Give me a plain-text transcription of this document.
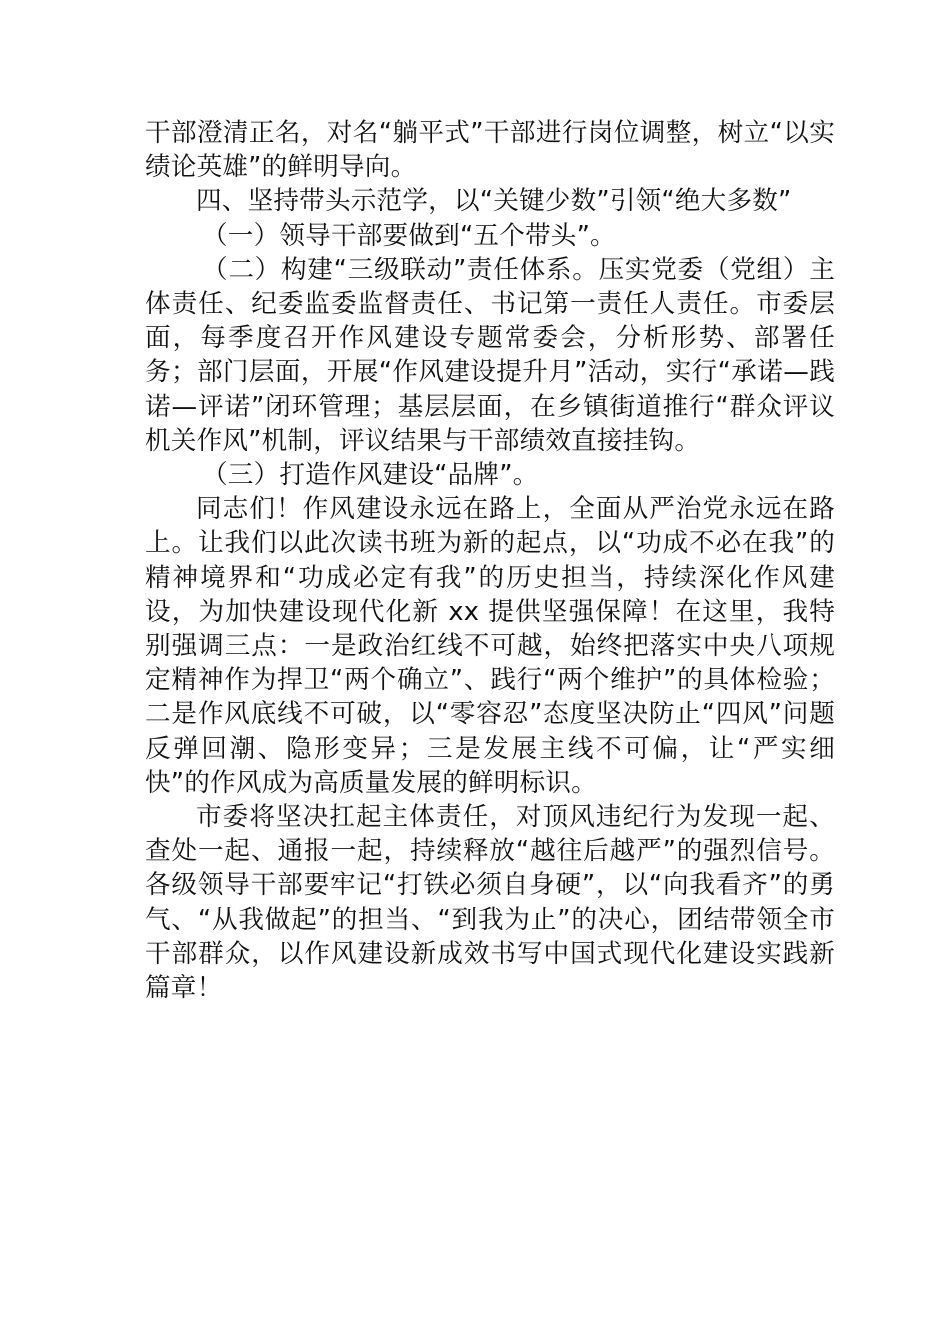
干部澄清正名，对名“躺平式”干部进行岗位调整，树立“以实绩论英雄”的鲜明导向。

四、坚持带头示范学，以“关键少数”引领“绝大多数”

（一）领导干部要做到“五个带头”。

（二）构建“三级联动”责任体系。压实党委（党组）主体责任、纪委监委监督责任、书记第一责任人责任。市委层面，每季度召开作风建设专题常委会，分析形势、部署任务；部门层面，开展“作风建设提升月”活动，实行“承诺—践诺—评诺”闭环管理；基层层面，在乡镇街道推行“群众评议机关作风”机制，评议结果与干部绩效直接挂钩。

（三）打造作风建设“品牌”。

同志们！作风建设永远在路上，全面从严治党永远在路上。让我们以此次读书班为新的起点，以“功成不必在我”的精神境界和“功成必定有我”的历史担当，持续深化作风建设，为加快建设现代化新 xx 提供坚强保障！在这里，我特别强调三点：一是政治红线不可越，始终把落实中央八项规定精神作为捍卫“两个确立”、践行“两个维护”的具体检验；二是作风底线不可破，以“零容忍”态度坚决防止“四风”问题反弹回潮、隐形变异；三是发展主线不可偏，让“严实细快”的作风成为高质量发展的鲜明标识。

市委将坚决扛起主体责任，对顶风违纪行为发现一起、查处一起、通报一起，持续释放“越往后越严”的强烈信号。各级领导干部要牢记“打铁必须自身硬”，以“向我看齐”的勇气、“从我做起”的担当、“到我为止”的决心，团结带领全市干部群众，以作风建设新成效书写中国式现代化建设实践新篇章！
